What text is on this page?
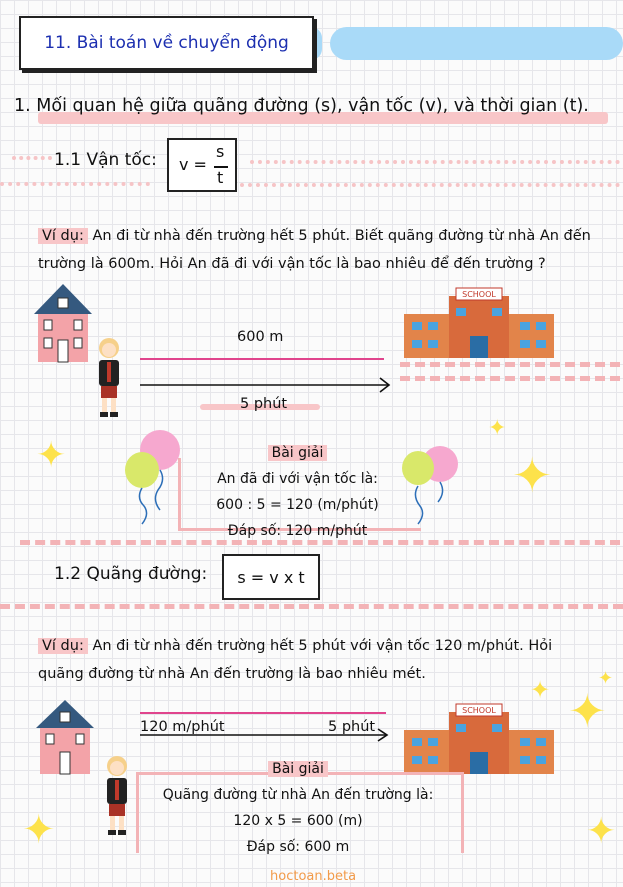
11. Bài toán về chuyển động
1. Mối quan hệ giữa quãng đường (s), vận tốc (v), và thời gian (t).
1.1 Vận tốc: v =
s
t
Ví dụ: An đi từ nhà đến trường hết 5 phút. Biết quãng đường từ nhà An đến
trường là 600m. Hỏi An đã đi với vận tốc là bao nhiêu để đến trường ?
600 m
5 phút
SCHOOL
Bài giải
An đã đi với vận tốc là:
600 : 5 = 120 (m/phút)
Đáp số: 120 m/phút
✦
✦
✦
✦ ✦
✦
✦	✦
1.2 Quãng đường: s = v x t
Ví dụ: An đi từ nhà đến trường hết 5 phút với vận tốc 120 m/phút. Hỏi
quãng đường từ nhà An đến trường là bao nhiêu mét.
120 m/phút	5 phút
SCHOOL
Bài giải
Quãng đường từ nhà An đến trường là:
120 x 5 = 600 (m)
Đáp số: 600 m
hoctoan.beta
